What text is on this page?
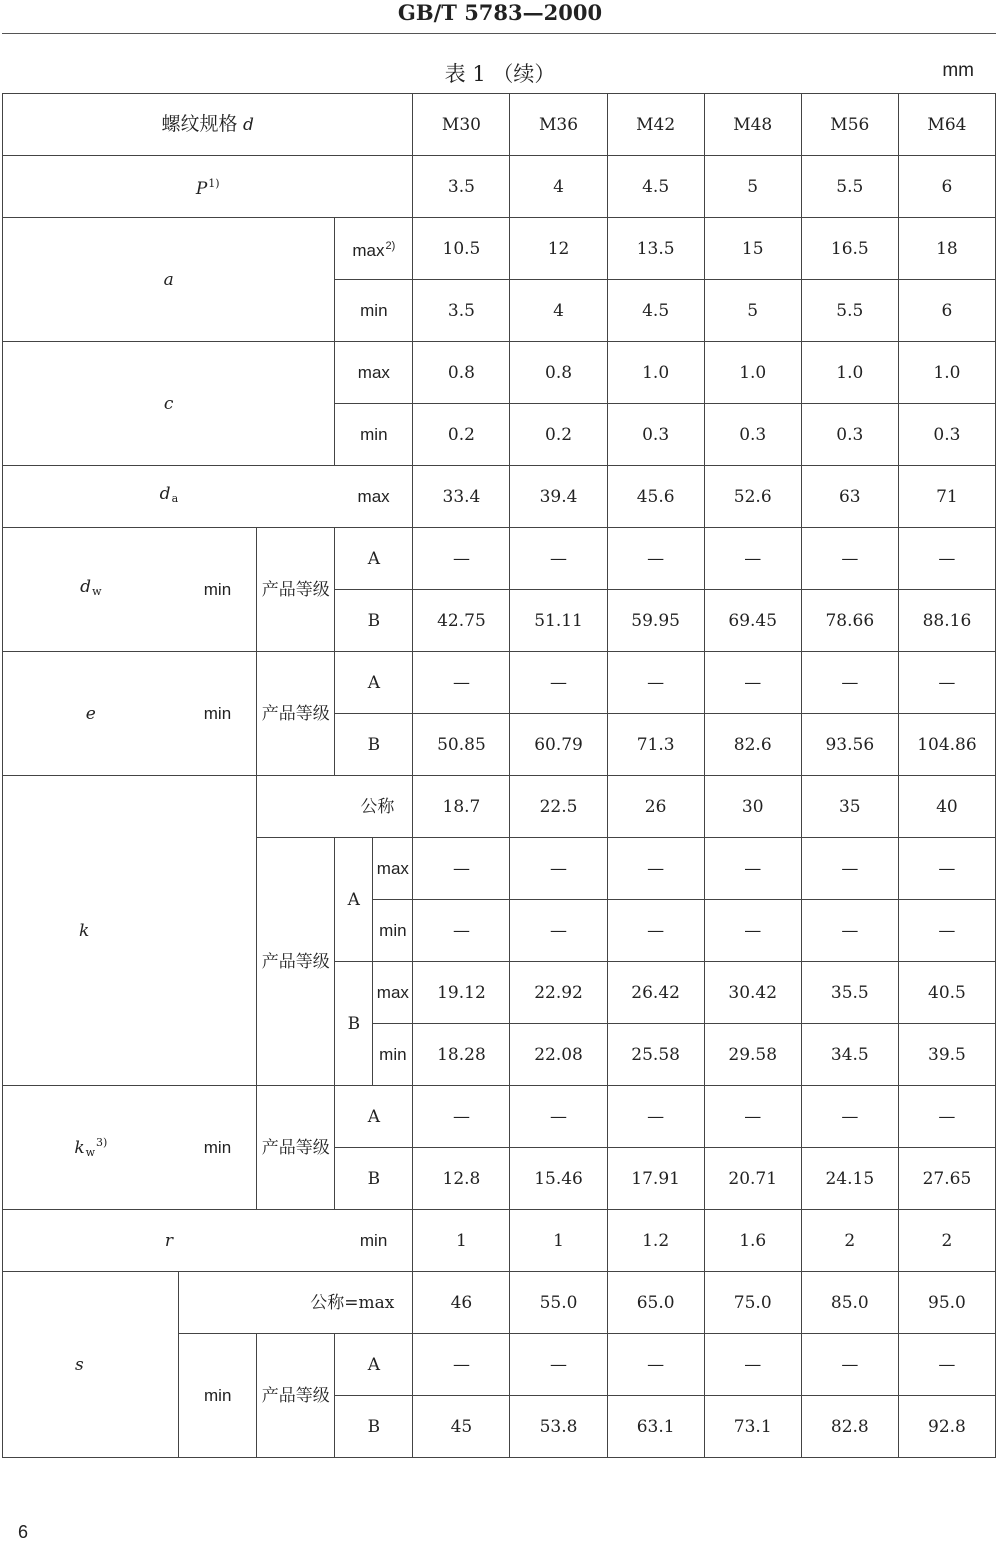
GB/T 5783—2000
表 1 （续）	mm
螺纹规格 d					M30	M36	M42	M48	M56	M64
$P^{1)}$					3.5	4	4.5	5	5.5	6
a			$\max^{2)}$		10.5	12	13.5	15	16.5	18
			min		3.5	4	4.5	5	5.5	6
c			max		0.8	0.8	1.0	1.0	1.0	1.0
			min		0.2	0.2	0.3	0.3	0.3	0.3
$d_a$			max		33.4	39.4	45.6	52.6	63	71
$d_w$	min	产品等级	A		—	—	—	—	—	—
			B		42.75	51.11	59.95	69.45	78.66	88.16
e	min	产品等级	A		—	—	—	—	—	—
			B		50.85	60.79	71.3	82.6	93.56	104.86
k		公称			18.7	22.5	26	30	35	40
		产品等级	A	max	—	—	—	—	—	—
				min	—	—	—	—	—	—
			B	max	19.12	22.92	26.42	30.42	35.5	40.5
				min	18.28	22.08	25.58	29.58	34.5	39.5
$k_w^{3)}$	min	产品等级	A		—	—	—	—	—	—
			B		12.8	15.46	17.91	20.71	24.15	27.65
r			min		1	1	1.2	1.6	2	2
s	公称=max				46	55.0	65.0	75.0	85.0	95.0
	min	产品等级	A		—	—	—	—	—	—
			B		45	53.8	63.1	73.1	82.8	92.8
6
